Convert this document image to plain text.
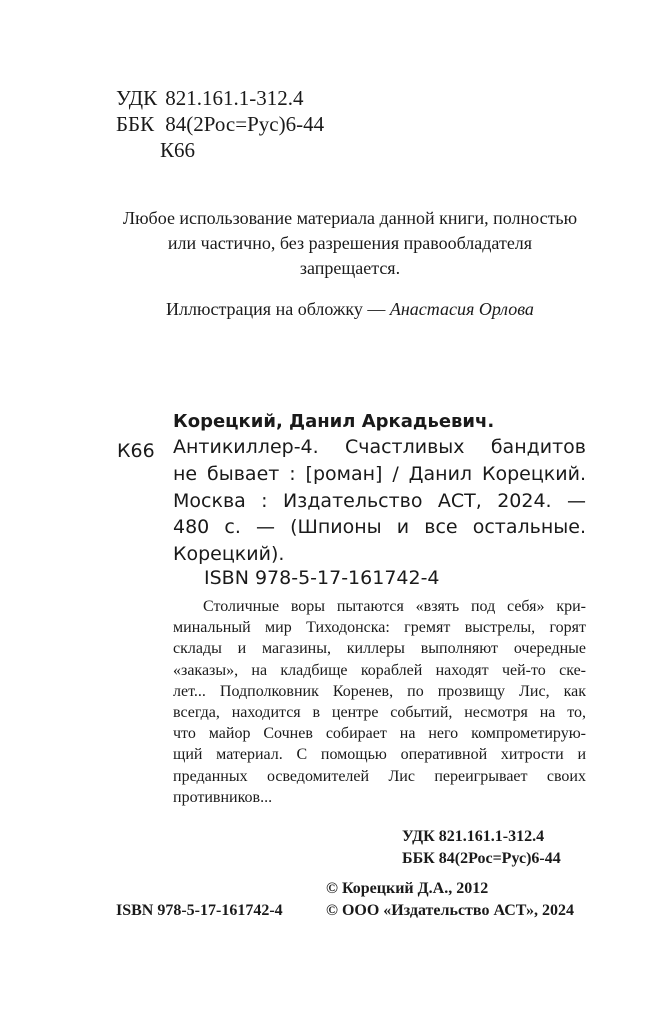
УДК 821.161.1-312.4
ББК 84(2Рос=Рус)6-44
К66
Любое использование материала данной книги, полностью или частично, без разрешения правообладателя запрещается.
Иллюстрация на обложку — Анастасия Орлова
Корецкий, Данил Аркадьевич.
К66 Антикиллер-4. Счастливых бандитов
не бывает : [роман] / Данил Корецкий.
Москва : Издательство АСТ, 2024. —
480 с. — (Шпионы и все остальные.
Корецкий).
ISBN 978-5-17-161742-4
Столичные воры пытаются «взять под себя» кри-
минальный мир Тиходонска: гремят выстрелы, горят
склады и магазины, киллеры выполняют очередные
«заказы», на кладбище кораблей находят чей-то ске-
лет... Подполковник Коренев, по прозвищу Лис, как
всегда, находится в центре событий, несмотря на то,
что майор Сочнев собирает на него компрометирую-
щий материал. С помощью оперативной хитрости и
преданных осведомителей Лис переигрывает своих
противников...
УДК 821.161.1-312.4
ББК 84(2Рос=Рус)6-44
© Корецкий Д.А., 2012
© ООО «Издательство АСТ», 2024
ISBN 978-5-17-161742-4
